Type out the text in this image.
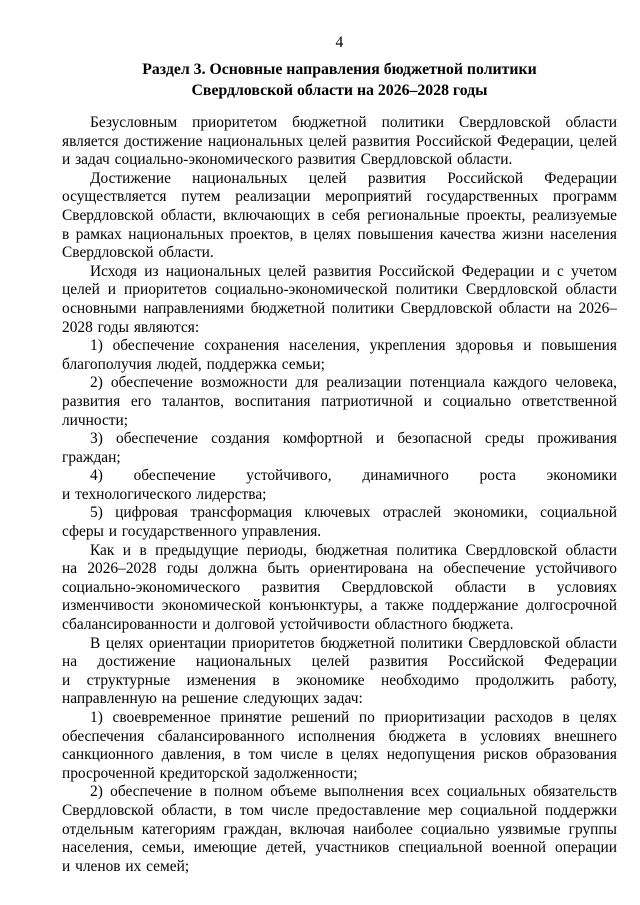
4
Раздел 3. Основные направления бюджетной политики Свердловской области на 2026–2028 годы

Безусловным приоритетом бюджетной политики Свердловской области является достижение национальных целей развития Российской Федерации, целей и задач социально-экономического развития Свердловской области.

Достижение национальных целей развития Российской Федерации осуществляется путем реализации мероприятий государственных программ Свердловской области, включающих в себя региональные проекты, реализуемые в рамках национальных проектов, в целях повышения качества жизни населения Свердловской области.

Исходя из национальных целей развития Российской Федерации и с учетом целей и приоритетов социально-экономической политики Свердловской области основными направлениями бюджетной политики Свердловской области на 2026–2028 годы являются:

1) обеспечение сохранения населения, укрепления здоровья и повышения благополучия людей, поддержка семьи;

2) обеспечение возможности для реализации потенциала каждого человека, развития его талантов, воспитания патриотичной и социально ответственной личности;

3) обеспечение создания комфортной и безопасной среды проживания граждан;

4) обеспечение устойчивого, динамичного роста экономики и технологического лидерства;

5) цифровая трансформация ключевых отраслей экономики, социальной сферы и государственного управления.

Как и в предыдущие периоды, бюджетная политика Свердловской области на 2026–2028 годы должна быть ориентирована на обеспечение устойчивого социально-экономического развития Свердловской области в условиях изменчивости экономической конъюнктуры, а также поддержание долгосрочной сбалансированности и долговой устойчивости областного бюджета.

В целях ориентации приоритетов бюджетной политики Свердловской области на достижение национальных целей развития Российской Федерации и структурные изменения в экономике необходимо продолжить работу, направленную на решение следующих задач:

1) своевременное принятие решений по приоритизации расходов в целях обеспечения сбалансированного исполнения бюджета в условиях внешнего санкционного давления, в том числе в целях недопущения рисков образования просроченной кредиторской задолженности;

2) обеспечение в полном объеме выполнения всех социальных обязательств Свердловской области, в том числе предоставление мер социальной поддержки отдельным категориям граждан, включая наиболее социально уязвимые группы населения, семьи, имеющие детей, участников специальной военной операции и членов их семей;
